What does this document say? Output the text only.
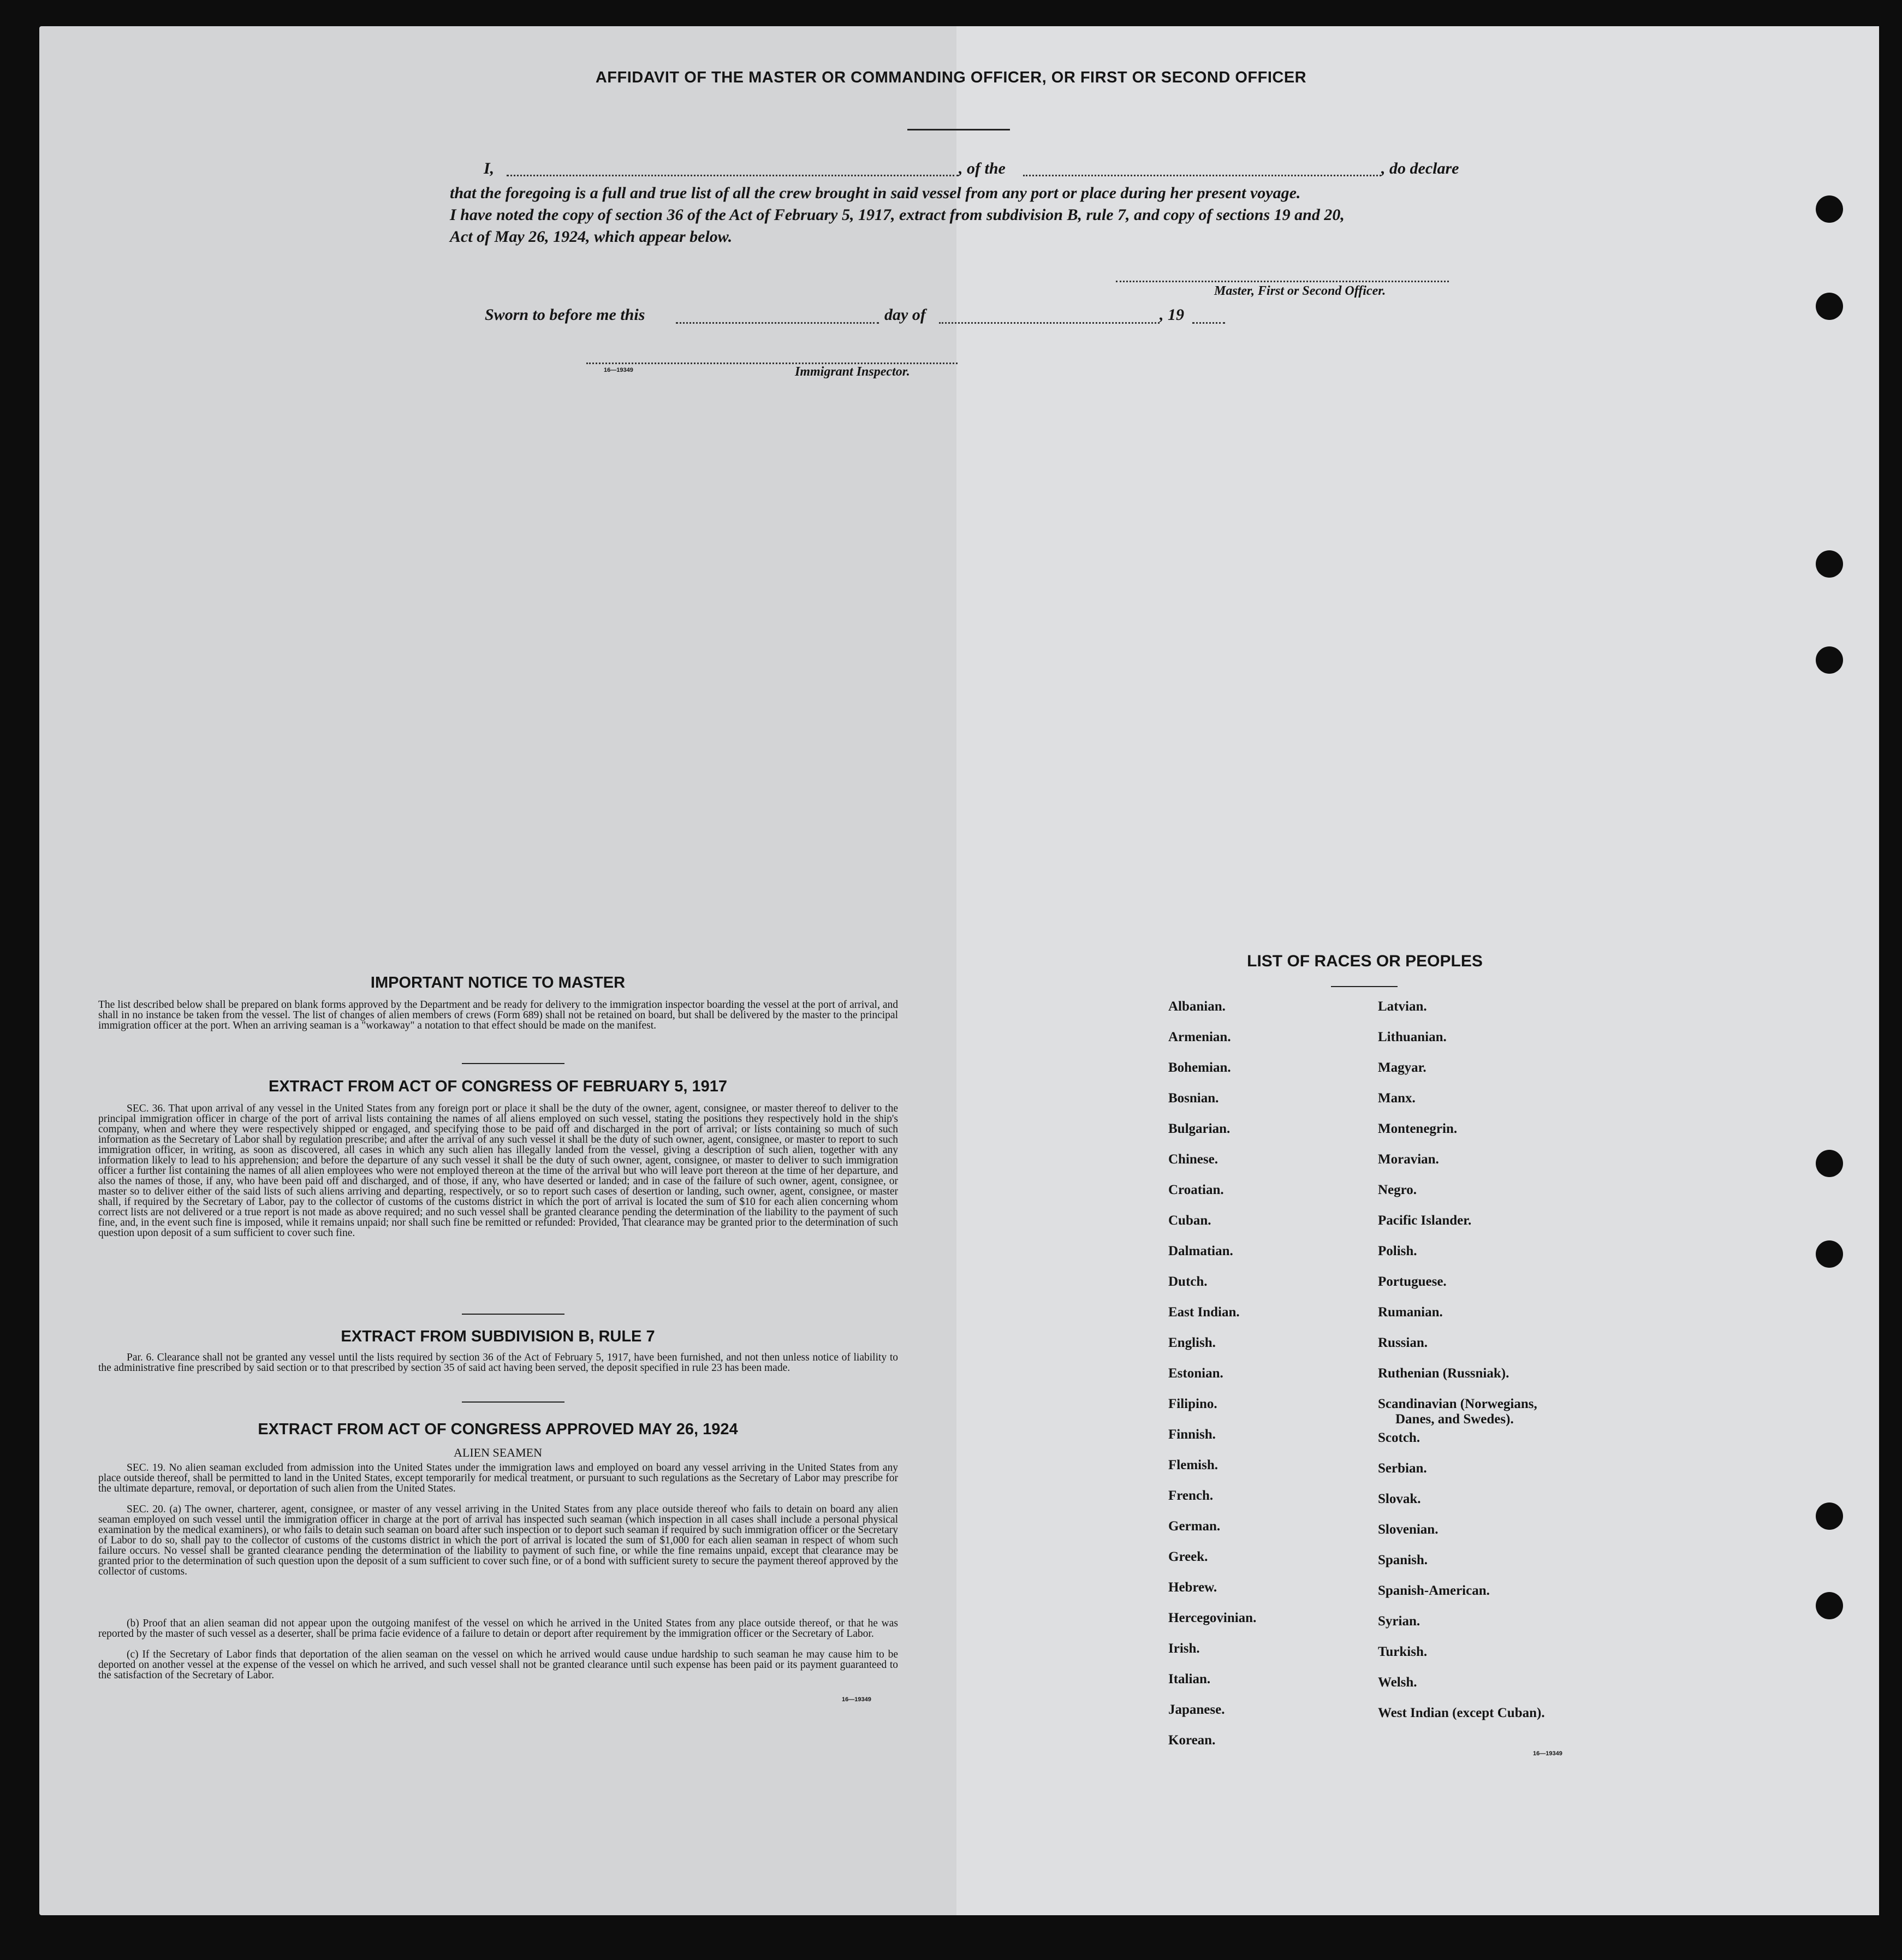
AFFIDAVIT OF THE MASTER OR COMMANDING OFFICER, OR FIRST OR SECOND OFFICER
I,	, of the	, do declare
that the foregoing is a full and true list of all the crew brought in said vessel from any port or place during her present voyage.
I have noted the copy of section 36 of the Act of February 5, 1917, extract from subdivision B, rule 7, and copy of sections 19 and 20,
Act of May 26, 1924, which appear below.
Master, First or Second Officer.
Sworn to before me this	day of	, 19
16—19349	Immigrant Inspector.
IMPORTANT NOTICE TO MASTER
The list described below shall be prepared on blank forms approved by the Department and be ready for delivery to the immigration inspector boarding the vessel at the port of arrival, and shall in no instance be taken from the vessel. The list of changes of alien members of crews (Form 689) shall not be retained on board, but shall be delivered by the master to the principal immigration officer at the port. When an arriving seaman is a "workaway" a notation to that effect should be made on the manifest.
EXTRACT FROM ACT OF CONGRESS OF FEBRUARY 5, 1917
SEC. 36. That upon arrival of any vessel in the United States from any foreign port or place it shall be the duty of the owner, agent, consignee, or master thereof to deliver to the principal immigration officer in charge of the port of arrival lists containing the names of all aliens employed on such vessel, stating the positions they respectively hold in the ship's company, when and where they were respectively shipped or engaged, and specifying those to be paid off and discharged in the port of arrival; or lists containing so much of such information as the Secretary of Labor shall by regulation prescribe; and after the arrival of any such vessel it shall be the duty of such owner, agent, consignee, or master to report to such immigration officer, in writing, as soon as discovered, all cases in which any such alien has illegally landed from the vessel, giving a description of such alien, together with any information likely to lead to his apprehension; and before the departure of any such vessel it shall be the duty of such owner, agent, consignee, or master to deliver to such immigration officer a further list containing the names of all alien employees who were not employed thereon at the time of the arrival but who will leave port thereon at the time of her departure, and also the names of those, if any, who have been paid off and discharged, and of those, if any, who have deserted or landed; and in case of the failure of such owner, agent, consignee, or master so to deliver either of the said lists of such aliens arriving and departing, respectively, or so to report such cases of desertion or landing, such owner, agent, consignee, or master shall, if required by the Secretary of Labor, pay to the collector of customs of the customs district in which the port of arrival is located the sum of $10 for each alien concerning whom correct lists are not delivered or a true report is not made as above required; and no such vessel shall be granted clearance pending the determination of the liability to the payment of such fine, and, in the event such fine is imposed, while it remains unpaid; nor shall such fine be remitted or refunded: Provided, That clearance may be granted prior to the determination of such question upon deposit of a sum sufficient to cover such fine.
EXTRACT FROM SUBDIVISION B, RULE 7
Par. 6. Clearance shall not be granted any vessel until the lists required by section 36 of the Act of February 5, 1917, have been furnished, and not then unless notice of liability to the administrative fine prescribed by said section or to that prescribed by section 35 of said act having been served, the deposit specified in rule 23 has been made.
EXTRACT FROM ACT OF CONGRESS APPROVED MAY 26, 1924
ALIEN SEAMEN
SEC. 19. No alien seaman excluded from admission into the United States under the immigration laws and employed on board any vessel arriving in the United States from any place outside thereof, shall be permitted to land in the United States, except temporarily for medical treatment, or pursuant to such regulations as the Secretary of Labor may prescribe for the ultimate departure, removal, or deportation of such alien from the United States.
SEC. 20. (a) The owner, charterer, agent, consignee, or master of any vessel arriving in the United States from any place outside thereof who fails to detain on board any alien seaman employed on such vessel until the immigration officer in charge at the port of arrival has inspected such seaman (which inspection in all cases shall include a personal physical examination by the medical examiners), or who fails to detain such seaman on board after such inspection or to deport such seaman if required by such immigration officer or the Secretary of Labor to do so, shall pay to the collector of customs of the customs district in which the port of arrival is located the sum of $1,000 for each alien seaman in respect of whom such failure occurs. No vessel shall be granted clearance pending the determination of the liability to payment of such fine, or while the fine remains unpaid, except that clearance may be granted prior to the determination of such question upon the deposit of a sum sufficient to cover such fine, or of a bond with sufficient surety to secure the payment thereof approved by the collector of customs.
(b) Proof that an alien seaman did not appear upon the outgoing manifest of the vessel on which he arrived in the United States from any place outside thereof, or that he was reported by the master of such vessel as a deserter, shall be prima facie evidence of a failure to detain or deport after requirement by the immigration officer or the Secretary of Labor.
(c) If the Secretary of Labor finds that deportation of the alien seaman on the vessel on which he arrived would cause undue hardship to such seaman he may cause him to be deported on another vessel at the expense of the vessel on which he arrived, and such vessel shall not be granted clearance until such expense has been paid or its payment guaranteed to the satisfaction of the Secretary of Labor.
16—19349
LIST OF RACES OR PEOPLES
Albanian.
Armenian.
Bohemian.
Bosnian.
Bulgarian.
Chinese.
Croatian.
Cuban.
Dalmatian.
Dutch.
East Indian.
English.
Estonian.
Filipino.
Finnish.
Flemish.
French.
German.
Greek.
Hebrew.
Hercegovinian.
Irish.
Italian.
Japanese.
Korean.
Latvian.
Lithuanian.
Magyar.
Manx.
Montenegrin.
Moravian.
Negro.
Pacific Islander.
Polish.
Portuguese.
Rumanian.
Russian.
Ruthenian (Russniak).
Scandinavian (Norwegians,
Danes, and Swedes).
Scotch.
Serbian.
Slovak.
Slovenian.
Spanish.
Spanish-American.
Syrian.
Turkish.
Welsh.
West Indian (except Cuban).
16—19349
